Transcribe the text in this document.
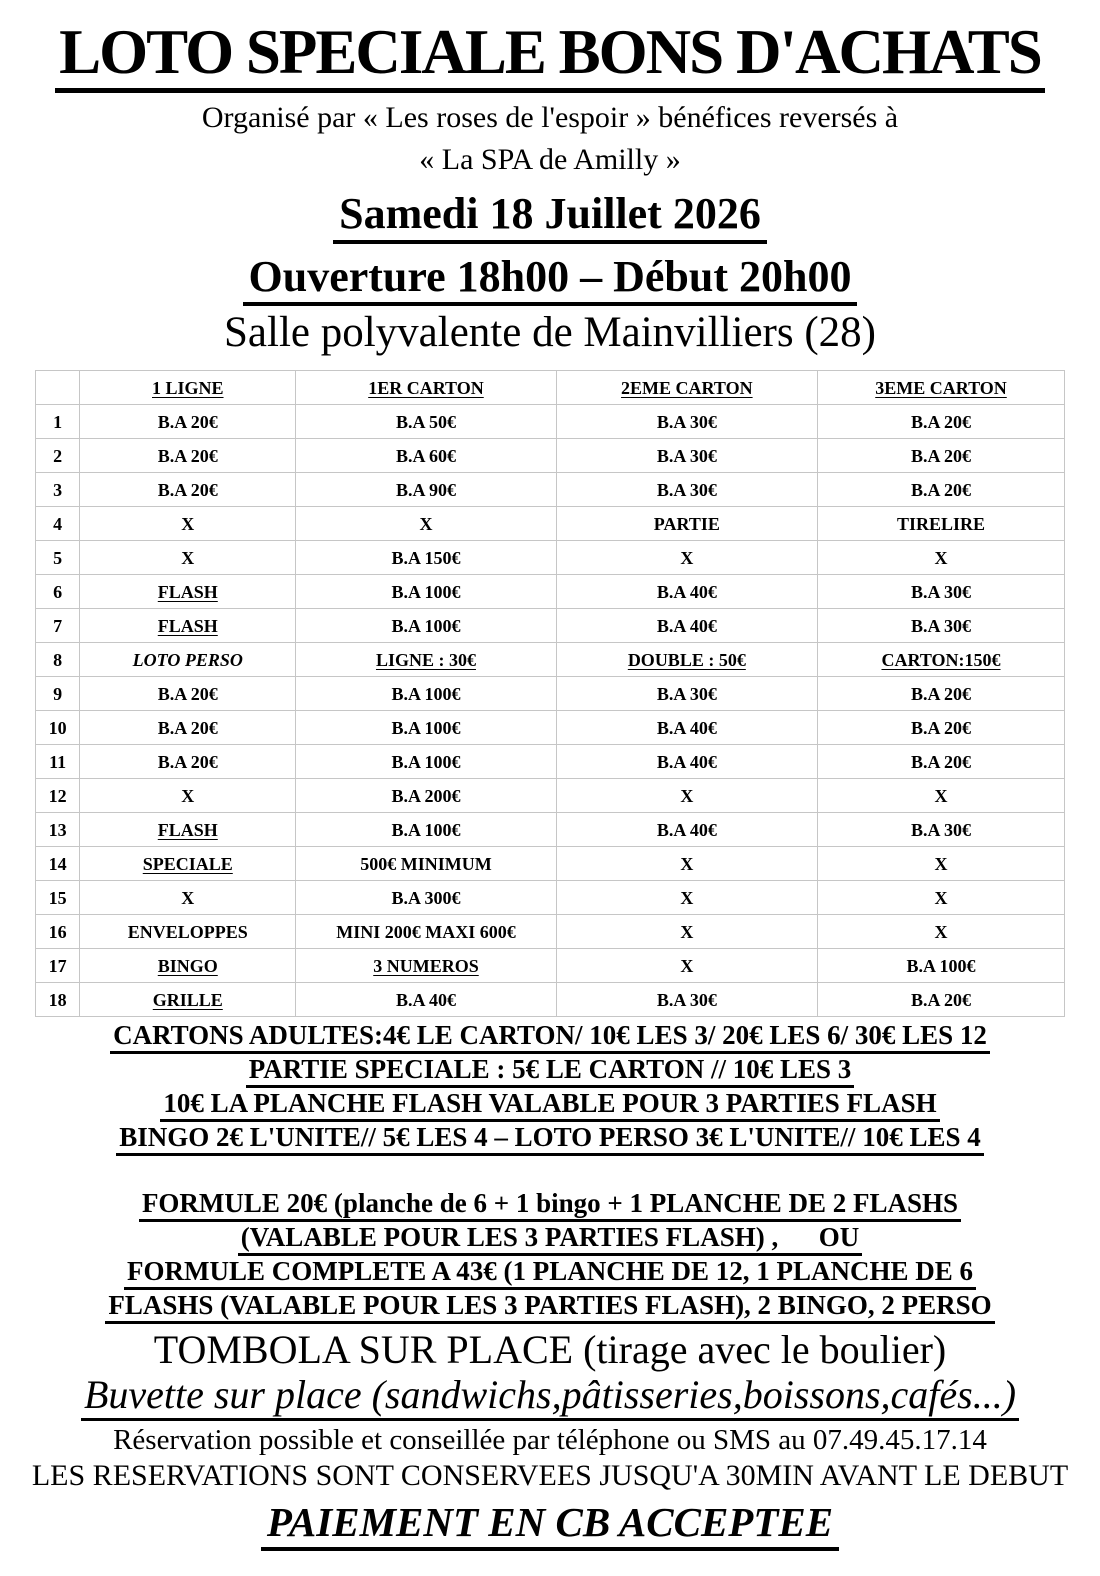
LOTO SPECIALE BONS D'ACHATS
Organisé par « Les roses de l'espoir » bénéfices reversés à
« La SPA de Amilly »
Samedi 18 Juillet 2026
Ouverture 18h00 – Début 20h00
Salle polyvalente de Mainvilliers (28)
	1 LIGNE	1ER CARTON	2EME CARTON	3EME CARTON
1	B.A 20€	B.A 50€	B.A 30€	B.A 20€
2	B.A 20€	B.A 60€	B.A 30€	B.A 20€
3	B.A 20€	B.A 90€	B.A 30€	B.A 20€
4	X	X	PARTIE	TIRELIRE
5	X	B.A 150€	X	X
6	FLASH	B.A 100€	B.A 40€	B.A 30€
7	FLASH	B.A 100€	B.A 40€	B.A 30€
8	LOTO PERSO	LIGNE : 30€	DOUBLE : 50€	CARTON:150€
9	B.A 20€	B.A 100€	B.A 30€	B.A 20€
10	B.A 20€	B.A 100€	B.A 40€	B.A 20€
11	B.A 20€	B.A 100€	B.A 40€	B.A 20€
12	X	B.A 200€	X	X
13	FLASH	B.A 100€	B.A 40€	B.A 30€
14	SPECIALE	500€ MINIMUM	X	X
15	X	B.A 300€	X	X
16	ENVELOPPES	MINI 200€ MAXI 600€	X	X
17	BINGO	3 NUMEROS	X	B.A 100€
18	GRILLE	B.A 40€	B.A 30€	B.A 20€
CARTONS ADULTES:4€ LE CARTON/ 10€ LES 3/ 20€ LES 6/ 30€ LES 12
PARTIE SPECIALE : 5€ LE CARTON // 10€ LES 3
10€ LA PLANCHE FLASH VALABLE POUR 3 PARTIES FLASH
BINGO 2€ L'UNITE// 5€ LES 4 – LOTO PERSO 3€ L'UNITE// 10€ LES 4
FORMULE 20€ (planche de 6 + 1 bingo + 1 PLANCHE DE 2 FLASHS
(VALABLE POUR LES 3 PARTIES FLASH) ,      OU
FORMULE COMPLETE A 43€ (1 PLANCHE DE 12, 1 PLANCHE DE 6
FLASHS (VALABLE POUR LES 3 PARTIES FLASH), 2 BINGO, 2 PERSO
TOMBOLA SUR PLACE (tirage avec le boulier)
Buvette sur place (sandwichs,pâtisseries,boissons,cafés...)
Réservation possible et conseillée par téléphone ou SMS au 07.49.45.17.14
LES RESERVATIONS SONT CONSERVEES JUSQU'A 30MIN AVANT LE DEBUT
PAIEMENT EN CB ACCEPTEE
